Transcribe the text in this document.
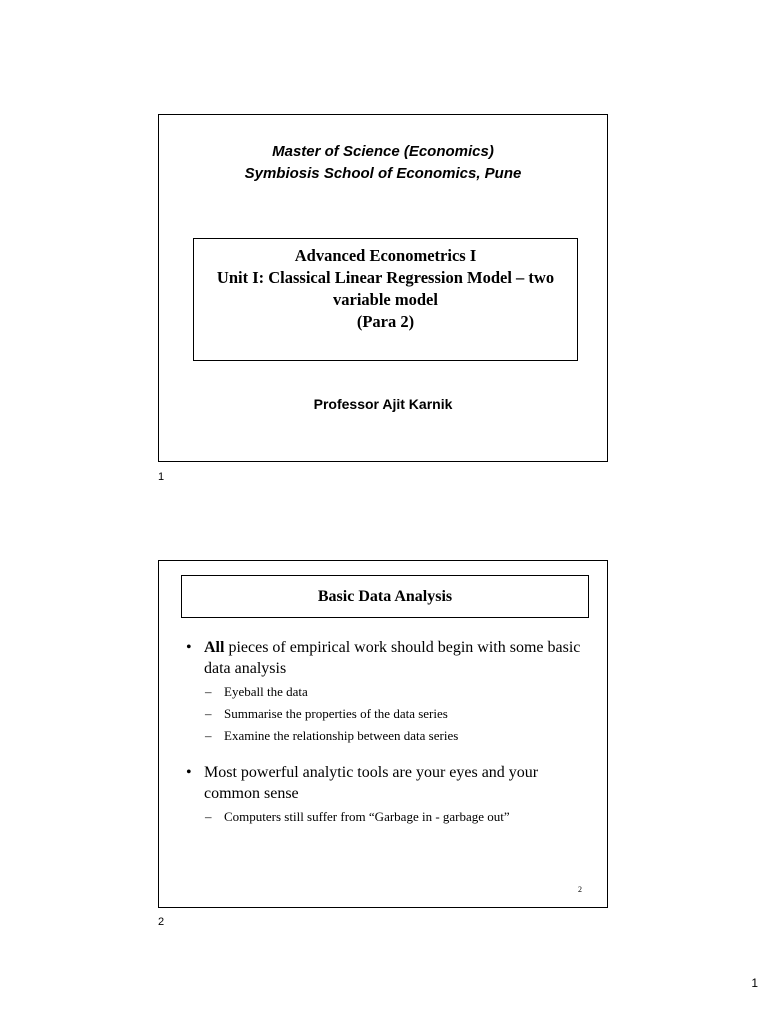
Master of Science (Economics)
Symbiosis School of Economics, Pune
Advanced Econometrics I
Unit I: Classical Linear Regression Model – two
variable model
(Para 2)
Professor Ajit Karnik
1
Basic Data Analysis
• All pieces of empirical work should begin with some basic data analysis
– Eyeball the data
– Summarise the properties of the data series
– Examine the relationship between data series
• Most powerful analytic tools are your eyes and your common sense
– Computers still suffer from “Garbage in - garbage out”
2
2
1
